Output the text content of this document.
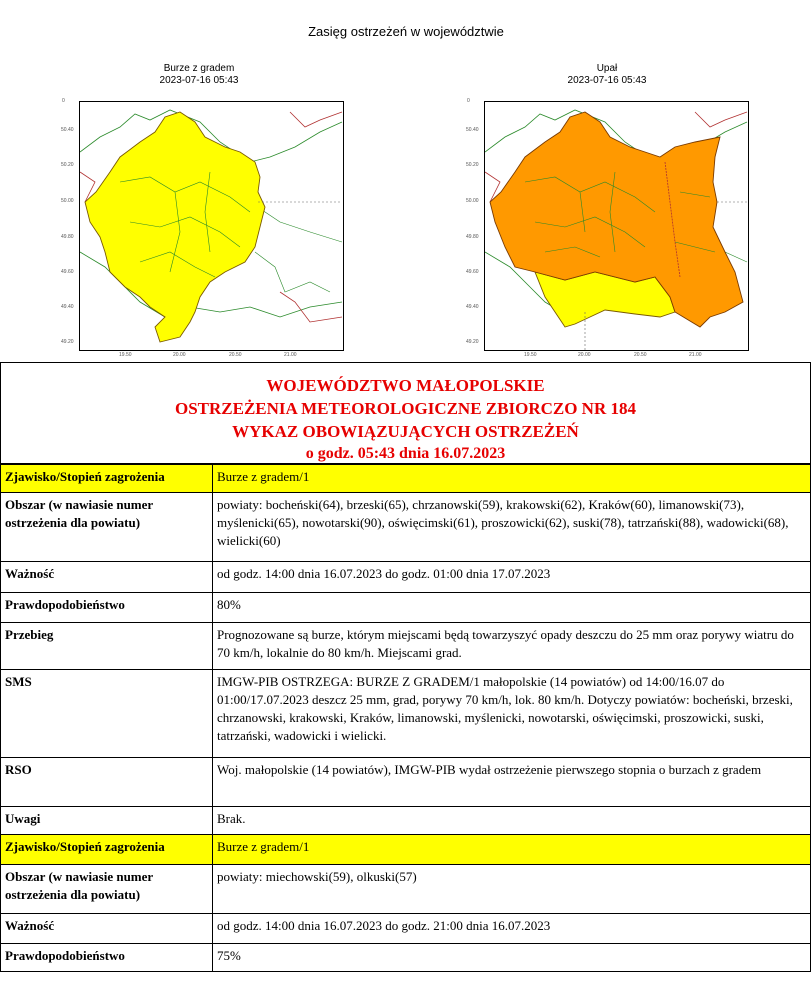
Zasięg ostrzeżeń w województwie
Burze z gradem
2023-07-16 05:43
0
50.40
50.20
50.00
49.80
49.60
49.40
49.20
19.50	20.00	20.50	21.00
Upał
2023-07-16 05:43
0
50.40
50.20
50.00
49.80
49.60
49.40
49.20
19.50	20.00	20.50	21.00
WOJEWÓDZTWO MAŁOPOLSKIE
OSTRZEŻENIA METEOROLOGICZNE ZBIORCZO NR 184
WYKAZ OBOWIĄZUJĄCYCH OSTRZEŻEŃ
o godz. 05:43 dnia 16.07.2023
Zjawisko/Stopień zagrożenia	Burze z gradem/1
Obszar (w nawiasie numer ostrzeżenia dla powiatu)	powiaty: bocheński(64), brzeski(65), chrzanowski(59), krakowski(62), Kraków(60), limanowski(73), myślenicki(65), nowotarski(90), oświęcimski(61), proszowicki(62), suski(78), tatrzański(88), wadowicki(68), wielicki(60)
Ważność	od godz. 14:00 dnia 16.07.2023 do godz. 01:00 dnia 17.07.2023
Prawdopodobieństwo	80%
Przebieg	Prognozowane są burze, którym miejscami będą towarzyszyć opady deszczu do 25 mm oraz porywy wiatru do 70 km/h, lokalnie do 80 km/h. Miejscami grad.
SMS	IMGW-PIB OSTRZEGA: BURZE Z GRADEM/1 małopolskie (14 powiatów) od 14:00/16.07 do 01:00/17.07.2023 deszcz 25 mm, grad, porywy 70 km/h, lok. 80 km/h. Dotyczy powiatów: bocheński, brzeski, chrzanowski, krakowski, Kraków, limanowski, myślenicki, nowotarski, oświęcimski, proszowicki, suski, tatrzański, wadowicki i wielicki.
RSO	Woj. małopolskie (14 powiatów), IMGW-PIB wydał ostrzeżenie pierwszego stopnia o burzach z gradem
Uwagi	Brak.
Zjawisko/Stopień zagrożenia	Burze z gradem/1
Obszar (w nawiasie numer ostrzeżenia dla powiatu)	powiaty: miechowski(59), olkuski(57)
Ważność	od godz. 14:00 dnia 16.07.2023 do godz. 21:00 dnia 16.07.2023
Prawdopodobieństwo	75%
